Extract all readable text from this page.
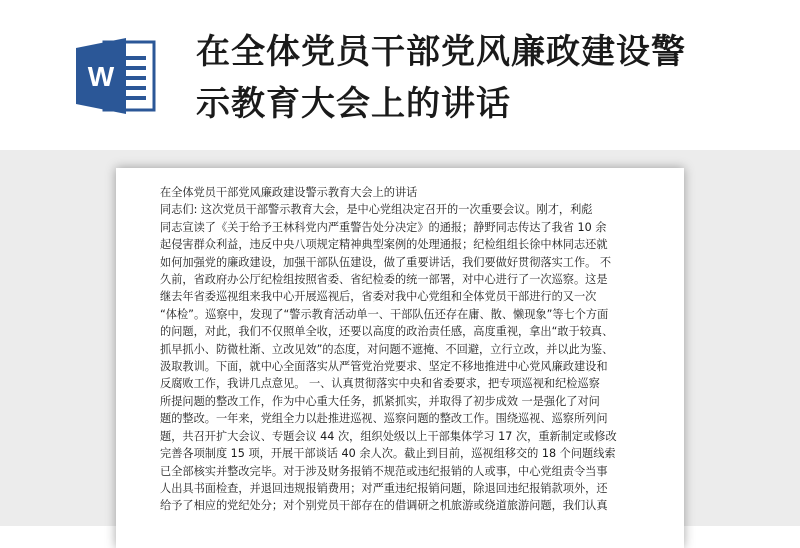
W
在全体党员干部党风廉政建设警
示教育大会上的讲话
在全体党员干部党风廉政建设警示教育大会上的讲话
同志们: 这次党员干部警示教育大会，是中心党组决定召开的一次重要会议。刚才，利彪
同志宣读了《关于给予王林科党内严重警告处分决定》的通报；静野同志传达了我省 10 余
起侵害群众利益，违反中央八项规定精神典型案例的处理通报；纪检组组长徐中林同志还就
如何加强党的廉政建设，加强干部队伍建设，做了重要讲话，我们要做好贯彻落实工作。 不
久前，省政府办公厅纪检组按照省委、省纪检委的统一部署，对中心进行了一次巡察。这是
继去年省委巡视组来我中心开展巡视后，省委对我中心党组和全体党员干部进行的又一次
“体检”。巡察中，发现了“警示教育活动单一、干部队伍还存在庸、散、懒现象”等七个方面
的问题，对此，我们不仅照单全收，还要以高度的政治责任感，高度重视，拿出“敢于较真、
抓早抓小、防微杜渐、立改见效”的态度，对问题不遮掩、不回避，立行立改，并以此为鉴、
汲取教训。下面，就中心全面落实从严管党治党要求、坚定不移地推进中心党风廉政建设和
反腐败工作，我讲几点意见。 一、认真贯彻落实中央和省委要求，把专项巡视和纪检巡察
所提问题的整改工作，作为中心重大任务，抓紧抓实，并取得了初步成效 一是强化了对问
题的整改。一年来，党组全力以赴推进巡视、巡察问题的整改工作。围绕巡视、巡察所列问
题，共召开扩大会议、专题会议 44 次，组织处级以上干部集体学习 17 次，重新制定或修改
完善各项制度 15 项，开展干部谈话 40 余人次。截止到目前，巡视组移交的 18 个问题线索
已全部核实并整改完毕。对于涉及财务报销不规范或违纪报销的人或事，中心党组责令当事
人出具书面检查，并退回违规报销费用；对严重违纪报销问题，除退回违纪报销款项外，还
给予了相应的党纪处分；对个别党员干部存在的借调研之机旅游或绕道旅游问题，我们认真
